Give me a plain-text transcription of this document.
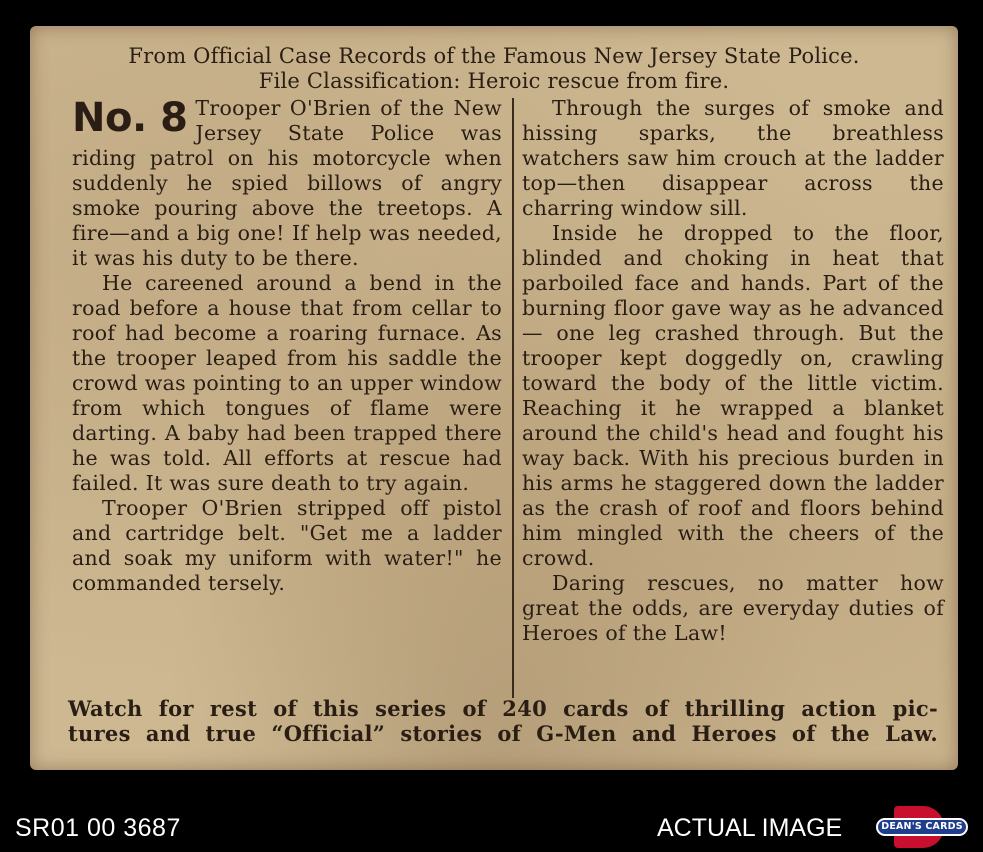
From Official Case Records of the Famous New Jersey State Police.
File Classification: Heroic rescue from fire.

No. 8 Trooper O'Brien of the New Jersey State Police was riding patrol on his motorcycle when suddenly he spied billows of angry smoke pouring above the treetops. A fire—and a big one! If help was needed, it was his duty to be there.

He careened around a bend in the road before a house that from cellar to roof had become a roaring furnace. As the trooper leaped from his saddle the crowd was pointing to an upper window from which tongues of flame were darting. A baby had been trapped there he was told. All efforts at rescue had failed. It was sure death to try again.

Trooper O'Brien stripped off pistol and cartridge belt. "Get me a ladder and soak my uniform with water!" he commanded tersely.

Through the surges of smoke and hissing sparks, the breathless watchers saw him crouch at the ladder top—then disappear across the charring window sill.

Inside he dropped to the floor, blinded and choking in heat that parboiled face and hands. Part of the burning floor gave way as he advanced — one leg crashed through. But the trooper kept doggedly on, crawling toward the body of the little victim. Reaching it he wrapped a blanket around the child's head and fought his way back. With his precious burden in his arms he staggered down the ladder as the crash of roof and floors behind him mingled with the cheers of the crowd.

Daring rescues, no matter how great the odds, are everyday duties of Heroes of the Law!

Watch for rest of this series of 240 cards of thrilling action pic-
tures and true “Official” stories of G-Men and Heroes of the Law.
SR01 00 3687	ACTUAL IMAGE	DEAN'S CARDS
